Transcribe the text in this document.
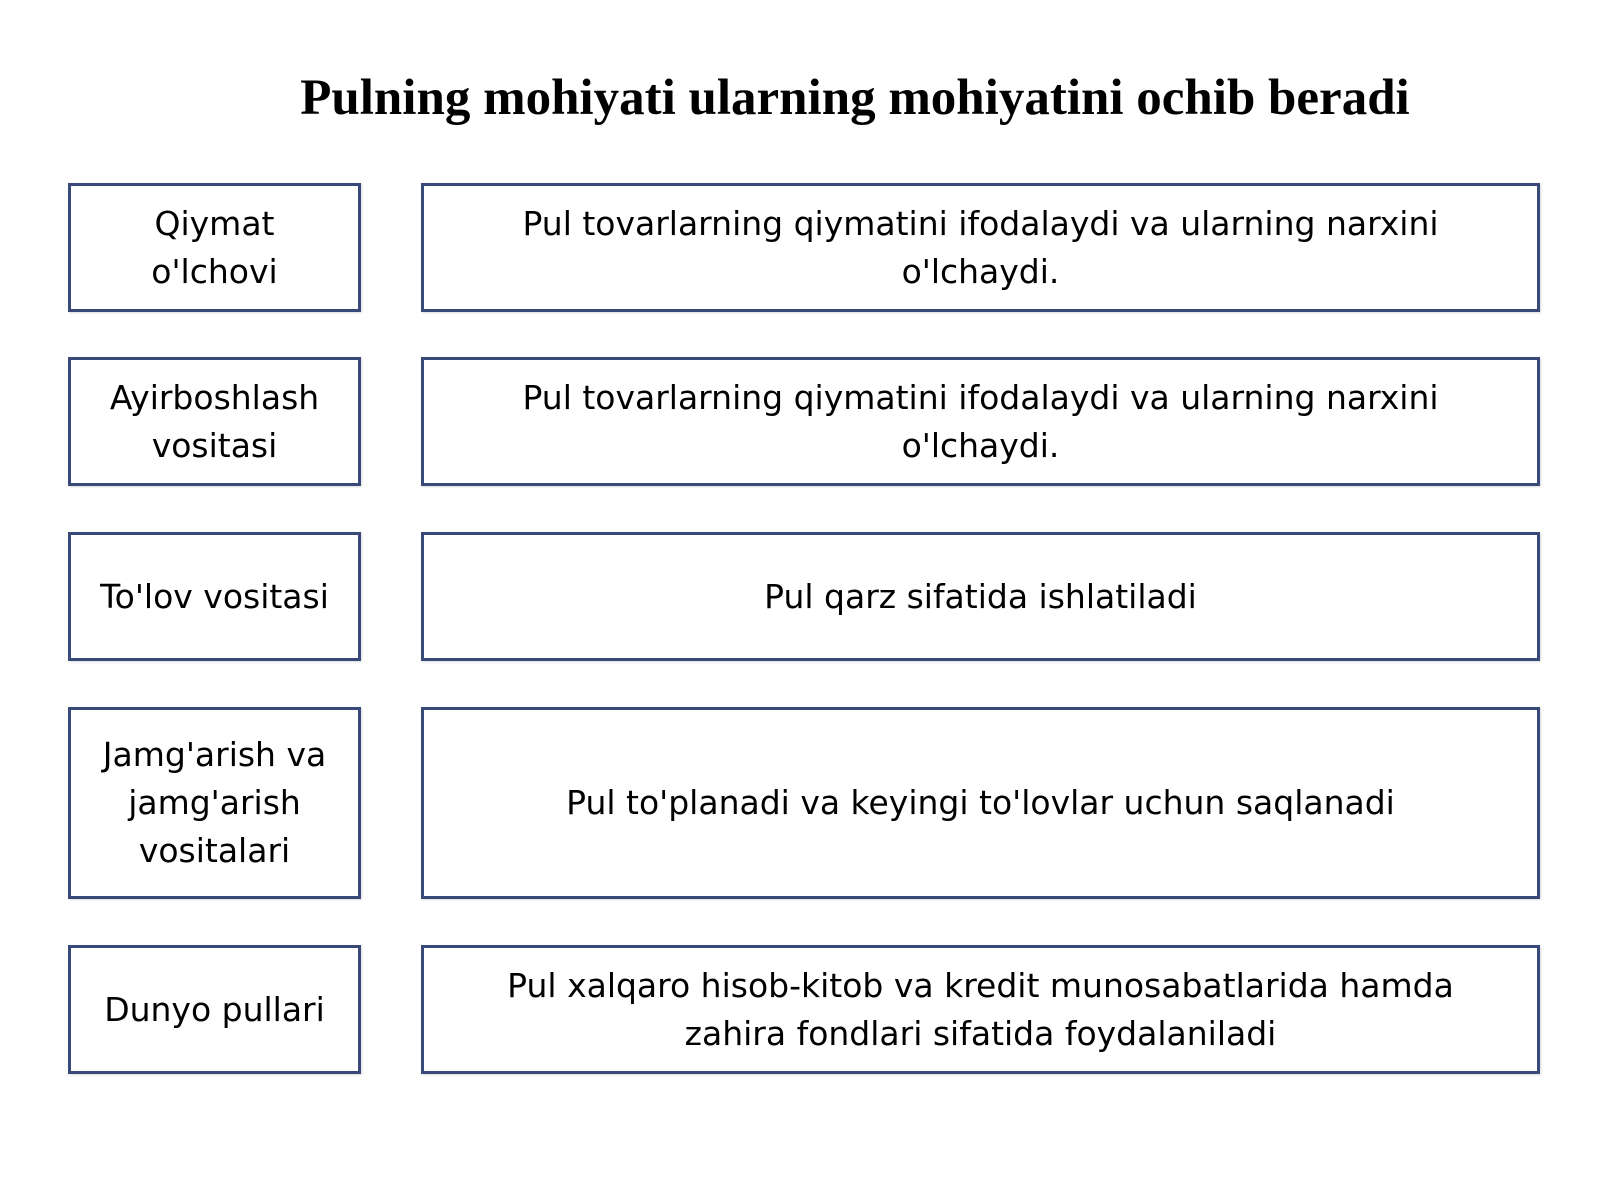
Pulning mohiyati ularning mohiyatini ochib beradi
Qiymat o'lchovi
Pul tovarlarning qiymatini ifodalaydi va ularning narxini o'lchaydi.
Ayirboshlash vositasi
Pul tovarlarning qiymatini ifodalaydi va ularning narxini o'lchaydi.
To'lov vositasi	Pul qarz sifatida ishlatiladi
Jamg'arish va jamg'arish vositalari
Pul to'planadi va keyingi to'lovlar uchun saqlanadi
Dunyo pullari
Pul xalqaro hisob-kitob va kredit munosabatlarida hamda zahira fondlari sifatida foydalaniladi
